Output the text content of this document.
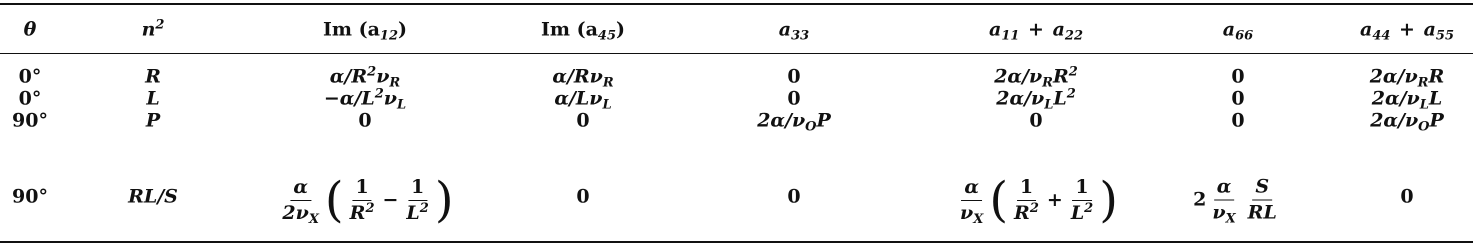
θ	$n^2$	Im $(a_{12})$	Im $(a_{45})$	$a_{33}$	$a_{11} + a_{22}$	$a_{66}$	$a_{44} + a_{55}$
0°	R	$\alpha/R^2\nu_R$	$\alpha/R\nu_R$	0	$2\alpha/\nu_RR^2$	0	$2\alpha/\nu_RR$
0°	L	$-\alpha/L^2\nu_L$	$\alpha/L\nu_L$	0	$2\alpha/\nu_LL^2$	0	$2\alpha/\nu_LL$
90°	P	0	0	$2\alpha/\nu_OP$	0	0	$2\alpha/\nu_OP$
90°	RL/S	$\frac{\alpha}{2\nu_X}$ ( $\frac{1}{R^2} - \frac{1}{L^2}$ )	0	0	$\frac{\alpha}{\nu_X}$ ( $\frac{1}{R^2} + \frac{1}{L^2}$ )	$2 \frac{\alpha}{\nu_X} \frac{S}{RL}$	0
